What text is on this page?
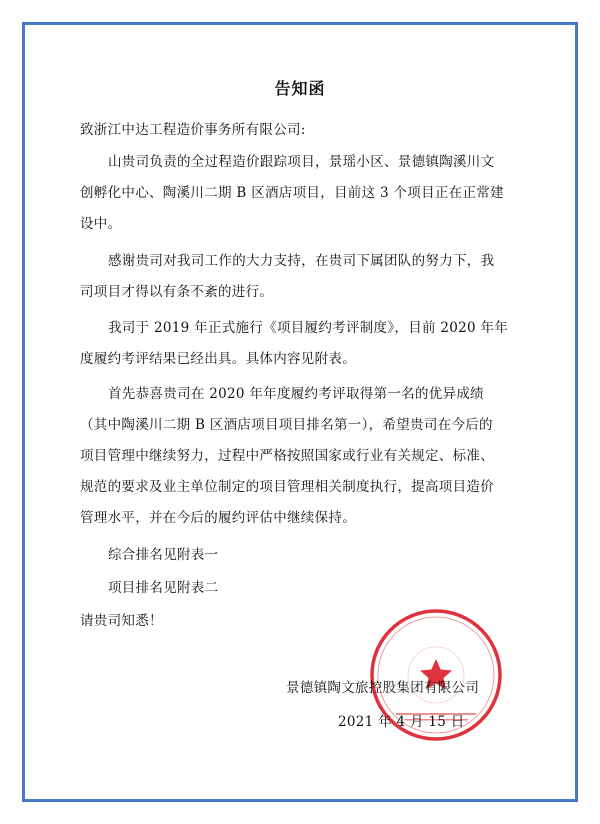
告知函
致浙江中达工程造价事务所有限公司:
山贵司负责的全过程造价跟踪项目，景瑶小区、景德镇陶溪川文
创孵化中心、陶溪川二期 B 区酒店项目，目前这 3 个项目正在正常建
设中。
感谢贵司对我司工作的大力支持，在贵司下属团队的努力下，我
司项目才得以有条不紊的进行。
我司于 2019 年正式施行《项目履约考评制度》，目前 2020 年年
度履约考评结果已经出具。具体内容见附表。
首先恭喜贵司在 2020 年年度履约考评取得第一名的优异成绩
（其中陶溪川二期 B 区酒店项目项目排名第一），希望贵司在今后的
项目管理中继续努力，过程中严格按照国家或行业有关规定、标准、
规范的要求及业主单位制定的项目管理相关制度执行，提高项目造价
管理水平，并在今后的履约评估中继续保持。
综合排名见附表一
项目排名见附表二
请贵司知悉！
景德镇陶文旅控股集团有限公司
2021 年 4 月 15 日
